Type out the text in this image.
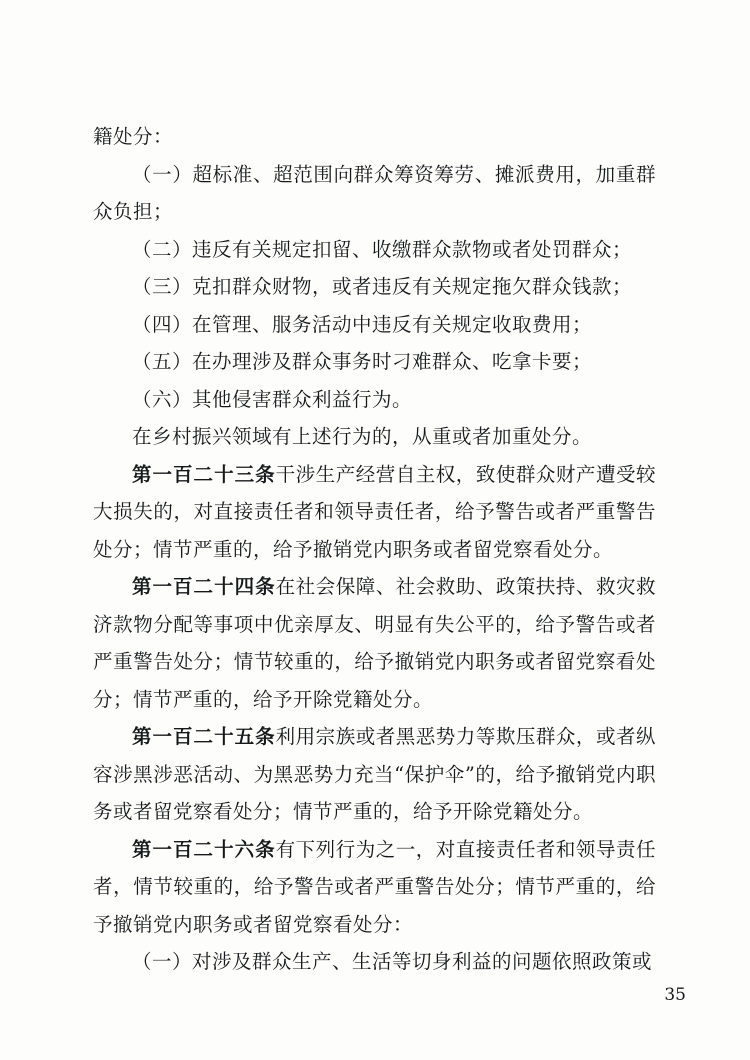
籍处分：

（一）超标准、超范围向群众筹资筹劳、摊派费用，加重群众负担；

（二）违反有关规定扣留、收缴群众款物或者处罚群众；

（三）克扣群众财物，或者违反有关规定拖欠群众钱款；

（四）在管理、服务活动中违反有关规定收取费用；

（五）在办理涉及群众事务时刁难群众、吃拿卡要；

（六）其他侵害群众利益行为。

在乡村振兴领域有上述行为的，从重或者加重处分。

第一百二十三条干涉生产经营自主权，致使群众财产遭受较大损失的，对直接责任者和领导责任者，给予警告或者严重警告处分；情节严重的，给予撤销党内职务或者留党察看处分。

第一百二十四条在社会保障、社会救助、政策扶持、救灾救济款物分配等事项中优亲厚友、明显有失公平的，给予警告或者严重警告处分；情节较重的，给予撤销党内职务或者留党察看处分；情节严重的，给予开除党籍处分。

第一百二十五条利用宗族或者黑恶势力等欺压群众，或者纵容涉黑涉恶活动、为黑恶势力充当“保护伞”的，给予撤销党内职务或者留党察看处分；情节严重的，给予开除党籍处分。

第一百二十六条有下列行为之一，对直接责任者和领导责任者，情节较重的，给予警告或者严重警告处分；情节严重的，给予撤销党内职务或者留党察看处分：

（一）对涉及群众生产、生活等切身利益的问题依照政策或

35
